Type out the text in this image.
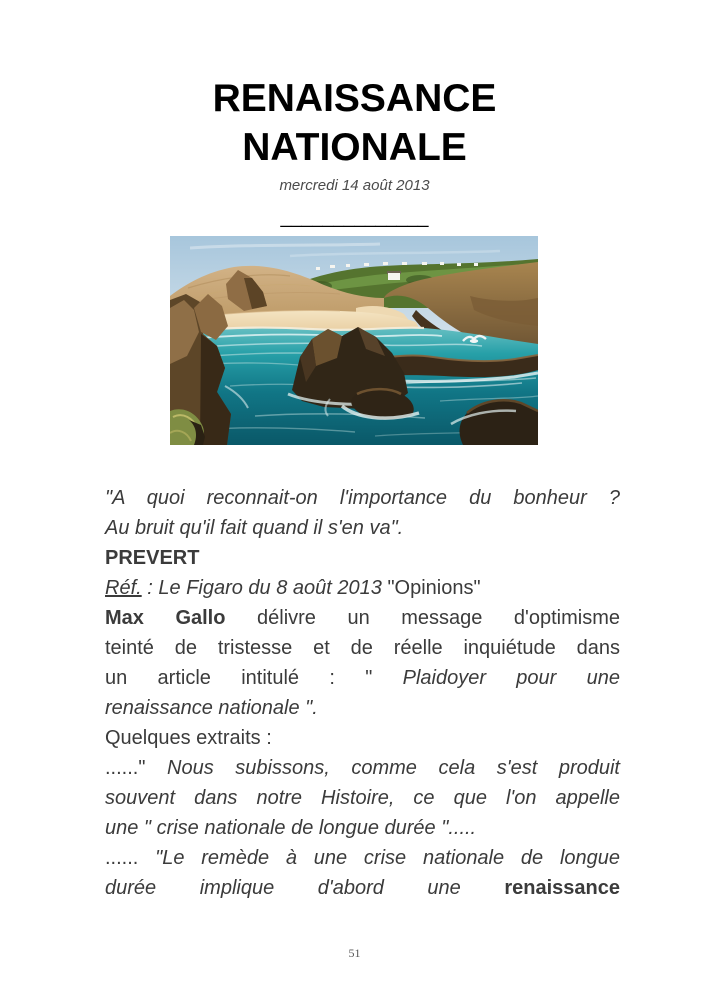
RENAISSANCE
NATIONALE
mercredi 14 août 2013
______________
"A quoi reconnait-on l'importance du bonheur ?
Au bruit qu'il fait quand il s'en va".
PREVERT
Réf. : Le Figaro du 8 août 2013 "Opinions"
Max Gallo délivre un message d'optimisme
teinté de tristesse et de réelle inquiétude dans
un article intitulé : " Plaidoyer pour une
renaissance nationale ".
Quelques extraits :
......" Nous subissons, comme cela s'est produit
souvent dans notre Histoire, ce que l'on appelle
une " crise nationale de longue durée ".....
...... "Le remède à une crise nationale de longue
durée implique d'abord une renaissance
51
